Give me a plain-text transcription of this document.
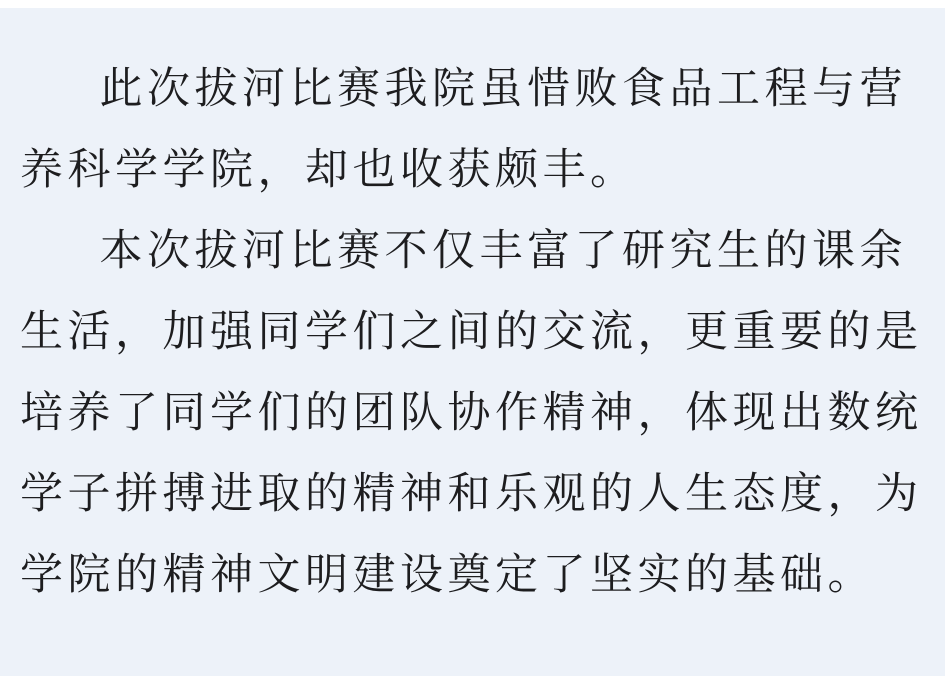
此次拔河比赛我院虽惜败食品工程与营
养科学学院，却也收获颇丰。
本次拔河比赛不仅丰富了研究生的课余
生活，加强同学们之间的交流，更重要的是
培养了同学们的团队协作精神，体现出数统
学子拼搏进取的精神和乐观的人生态度，为
学院的精神文明建设奠定了坚实的基础。
